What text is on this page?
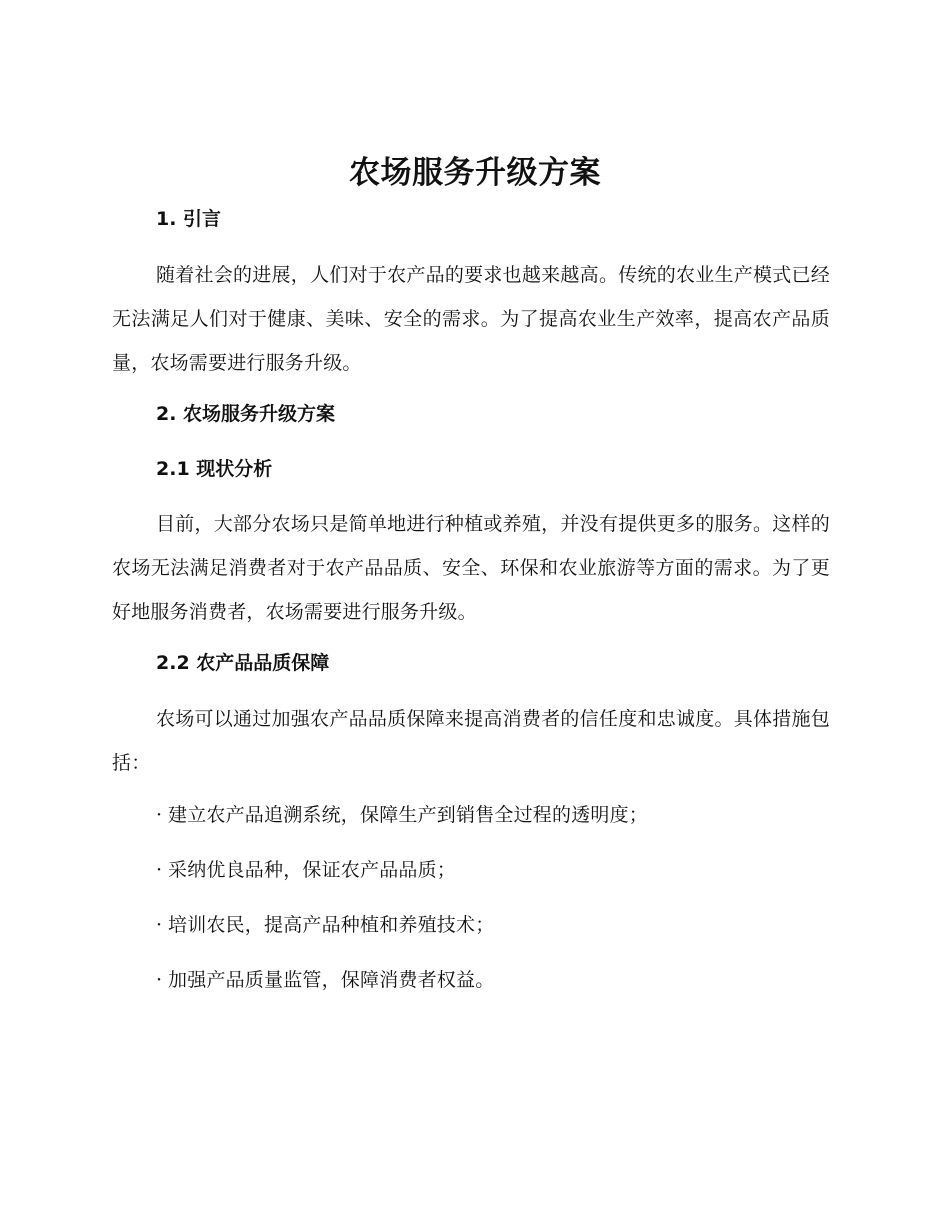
农场服务升级方案
1. 引言

随着社会的进展，人们对于农产品的要求也越来越高。传统的农业生产模式已经无法满足人们对于健康、美味、安全的需求。为了提高农业生产效率，提高农产品质量，农场需要进行服务升级。

2. 农场服务升级方案
2.1 现状分析

目前，大部分农场只是简单地进行种植或养殖，并没有提供更多的服务。这样的农场无法满足消费者对于农产品品质、安全、环保和农业旅游等方面的需求。为了更好地服务消费者，农场需要进行服务升级。

2.2 农产品品质保障

农场可以通过加强农产品品质保障来提高消费者的信任度和忠诚度。具体措施包括：

· 建立农产品追溯系统，保障生产到销售全过程的透明度；
· 采纳优良品种，保证农产品品质；
· 培训农民，提高产品种植和养殖技术；
· 加强产品质量监管，保障消费者权益。
